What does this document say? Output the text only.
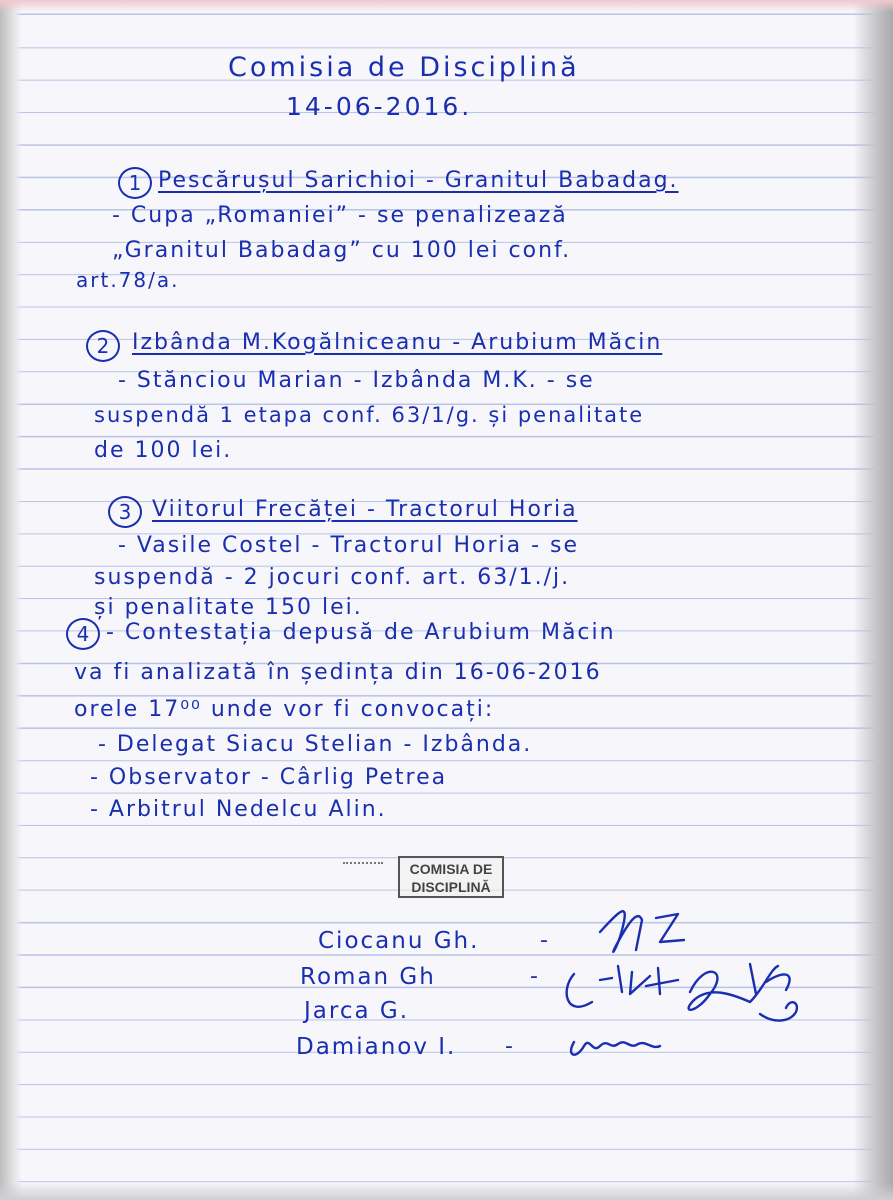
Comisia de Disciplină
14-06-2016.
1 Pescărușul Sarichioi - Granitul Babadag.
- Cupa „Romaniei” - se penalizează
„Granitul Babadag” cu 100 lei conf.
art.78/a.
2	Izbânda M.Kogălniceanu - Arubium Măcin
- Stănciou Marian - Izbânda M.K. - se
suspendă 1 etapa conf. 63/1/g. și penalitate
de 100 lei.
3 Viitorul Frecăței - Tractorul Horia
- Vasile Costel - Tractorul Horia - se
suspendă - 2 jocuri conf. art. 63/1./j.
și penalitate 150 lei.
4 - Contestația depusă de Arubium Măcin
va fi analizată în ședința din 16-06-2016
orele 17⁰⁰ unde vor fi convocați:
- Delegat Siacu Stelian - Izbânda.
- Observator - Cârlig Petrea
- Arbitrul Nedelcu Alin.
COMISIA DE
DISCIPLINĂ
Ciocanu Gh.	-
Roman Gh	-
Jarca G.
Damianov I. -
